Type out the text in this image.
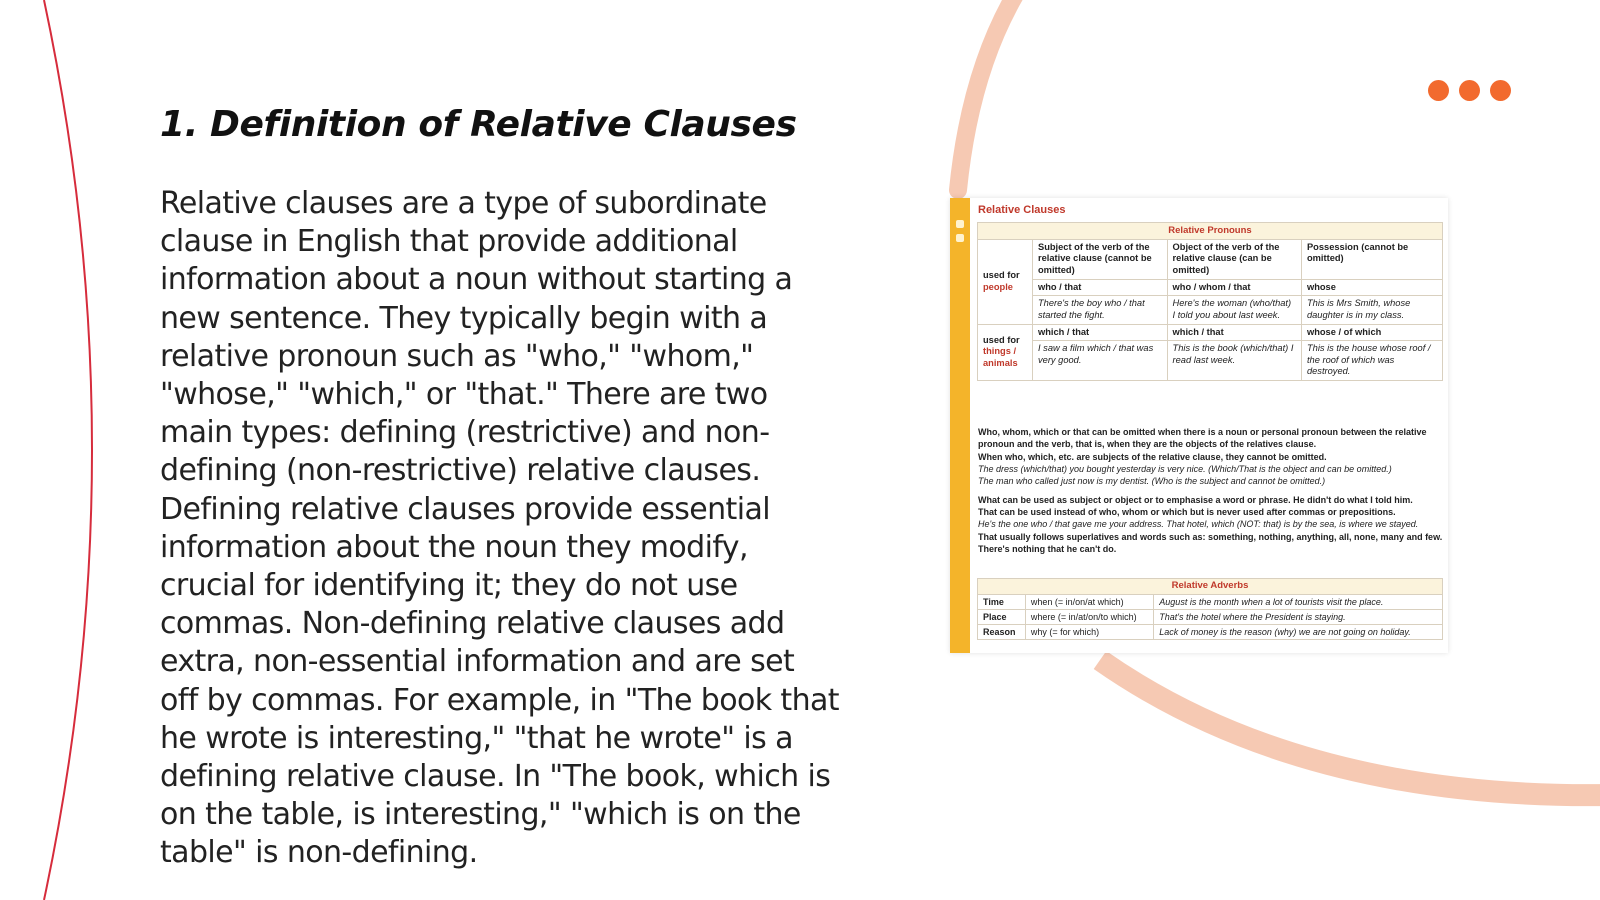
1. Definition of Relative Clauses

Relative clauses are a type of subordinate clause in English that provide additional information about a noun without starting a new sentence. They typically begin with a relative pronoun such as "who," "whom," "whose," "which," or "that." There are two main types: defining (restrictive) and non-defining (non-restrictive) relative clauses. Defining relative clauses provide essential information about the noun they modify, crucial for identifying it; they do not use commas. Non-defining relative clauses add extra, non-essential information and are set off by commas. For example, in "The book that he wrote is interesting," "that he wrote" is a defining relative clause. In "The book, which is on the table, is interesting," "which is on the table" is non-defining.

Relative Clauses
Relative Pronouns			
used for
people	Subject of the verb of the relative clause (cannot be omitted)	Object of the verb of the relative clause (can be omitted)	Possession (cannot be omitted)
	who / that	who / whom / that	whose
	There's the boy who / that started the fight.	Here's the woman (who/that) I told you about last week.	This is Mrs Smith, whose daughter is in my class.
used for
things / animals	which / that	which / that	whose / of which
	I saw a film which / that was very good.	This is the book (which/that) I read last week.	This is the house whose roof / the roof of which was destroyed.

Who, whom, which or that can be omitted when there is a noun or personal pronoun between the relative pronoun and the verb, that is, when they are the objects of the relatives clause.
When who, which, etc. are subjects of the relative clause, they cannot be omitted.
The dress (which/that) you bought yesterday is very nice. (Which/That is the object and can be omitted.)
The man who called just now is my dentist. (Who is the subject and cannot be omitted.)

What can be used as subject or object or to emphasise a word or phrase. He didn't do what I told him.
That can be used instead of who, whom or which but is never used after commas or prepositions.
He's the one who / that gave me your address. That hotel, which (NOT: that) is by the sea, is where we stayed.
That usually follows superlatives and words such as: something, nothing, anything, all, none, many and few. There's nothing that he can't do.

Relative Adverbs		
Time	when (= in/on/at which)	August is the month when a lot of tourists visit the place.
Place	where (= in/at/on/to which)	That's the hotel where the President is staying.
Reason	why (= for which)	Lack of money is the reason (why) we are not going on holiday.
